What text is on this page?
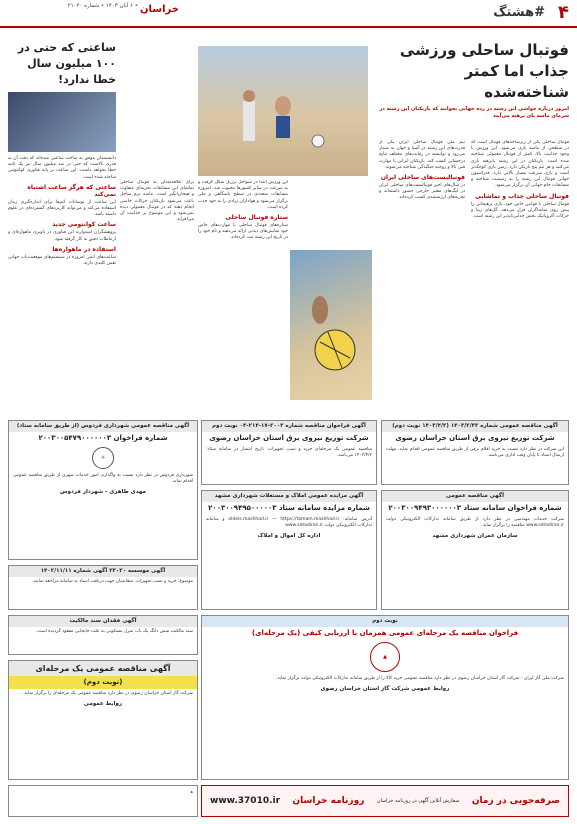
۴
#هشتگ
خراسان
• ۶ آبان ۱۴۰۳ • شماره ۲۱۰۲۰
فوتبال ساحلی ورزشی جذاب اما کمتر شناخته‌شده
امروز درباره حواشی این رشته در رده جهانی بخوانید که بازیکنان این رشته در سرمای ماسه پای برهنه می‌آیند
فوتبال ساحلی یکی از زیرشاخه‌های فوتبال است که در سطحی از ماسه بازی می‌شود. این ورزش با وجود جذابیت بالا، کمتر از فوتبال معمولی شناخته شده است. بازیکنان در این رشته پابرهنه بازی می‌کنند و هر تیم پنج بازیکن دارد. زمین بازی کوچک‌تر است و بازی سرعت بسیار بالایی دارد. فدراسیون جهانی فوتبال این رشته را به رسمیت شناخته و مسابقات جام جهانی آن برگزار می‌شود.
فوتبال ساحلی جذاب و تماشایی
فوتبال ساحلی با قوانین خاص خود، بازی پرهیجانی را پیش روی تماشاگران قرار می‌دهد. گل‌های زیبا و حرکات آکروباتیک بخش جدایی‌ناپذیر این رشته است.
تیم ملی فوتبال ساحلی ایران یکی از قدرت‌های این رشته در آسیا و جهان به شمار می‌رود و توانسته در رقابت‌های مختلف نتایج درخشانی کسب کند. بازیکنان ایرانی با مهارت فنی بالا و روحیه جنگندگی شناخته می‌شوند.
فوتبالیست‌های ساحلی ایران
در سال‌های اخیر فوتبالیست‌های ساحلی ایران در لیگ‌های معتبر خارجی حضور داشته‌اند و تجربه‌های ارزشمندی کسب کرده‌اند.
این ورزش ابتدا در سواحل برزیل شکل گرفت و به سرعت در سایر کشورها محبوب شد. امروزه مسابقات متعددی در سطح باشگاهی و ملی برگزار می‌شود و هواداران زیادی را به خود جذب کرده است.
ستاره فوتبال ساحلی
ستاره‌های فوتبال ساحلی با مهارت‌های خاص خود نمایش‌های دیدنی ارائه می‌دهند و نام خود را در تاریخ این رشته ثبت کرده‌اند.
برای علاقه‌مندان به فوتبال ساحلی تماشای این مسابقات تجربه‌ای متفاوت و هیجان‌انگیز است. ماسه نرم ساحل باعث می‌شود بازیکنان حرکات خاصی انجام دهند که در فوتبال معمولی دیده نمی‌شود و این موضوع بر جذابیت آن می‌افزاید.
ساعتی که حتی در ۱۰۰ میلیون سال خطا ندارد!
دانشمندان موفق به ساخت ساعتی شده‌اند که دقت آن به قدری بالاست که حتی در صد میلیون سال نیز یک ثانیه خطا نخواهد داشت. این ساعت بر پایه فناوری کوانتومی ساخته شده است.
ساعتی که هرگز ساعت اشتباه نمی‌کند
این ساعت از نوسانات اتم‌ها برای اندازه‌گیری زمان استفاده می‌کند و می‌تواند کاربردهای گسترده‌ای در علوم داشته باشد.
ساعت کوانتومی جدید
پژوهشگران امیدوارند این فناوری در ناوبری ماهواره‌ای و ارتباطات دقیق به کار گرفته شود.
استفاده در ماهواره‌ها
ساعت‌های اتمی امروزه در سیستم‌های موقعیت‌یاب جهانی نقش کلیدی دارند.
آگهی مناقصه عمومی شماره ۱۴۰۳/۲/۳۲ (۱۴۰۳/۴/۲ نوبت دوم)
شرکت توزیع نیروی برق استان خراسان رضوی
این شرکت در نظر دارد نسبت به خرید اقلام برقی از طریق مناقصه عمومی اقدام نماید. مهلت ارسال اسناد تا پایان وقت اداری می‌باشد.
آگهی فراخوان مناقصه شماره ۲۰۰۳-۱۷-۲۱۴-۰۳ نوبت دوم
شرکت توزیع نیروی برق استان خراسان رضوی
مناقصه عمومی یک مرحله‌ای خرید و نصب تجهیزات. تاریخ انتشار در سامانه ستاد: ۱۴۰۳/۴/۲ می‌باشد.
آگهی مناقصه عمومی شهرداری فردوس (از طریق سامانه ستاد)
شماره فراخوان ۲۰۰۳۰۰۵۴۷۹۰۰۰۰۰۰۳
☼
شهرداری فردوس در نظر دارد نسبت به واگذاری امور خدمات شهری از طریق مناقصه عمومی اقدام نماید.
مهدی طاهری - شهردار فردوس
آگهی مناقصه عمومی
شماره فراخوان سامانه ستاد ۲۰۰۳۰۰۹۴۹۳۰۰۰۰۰۰۳
شرکت خدمات مهندسی در نظر دارد از طریق سامانه تدارکات الکترونیکی دولت www.setadiran.ir مناقصه را برگزار نماید.
سازمان عمران شهرداری مشهد
آگهی مزایده عمومی املاک و مستغلات شهرداری مشهد
شماره مزایده سامانه ستاد ۲۰۰۳۰۰۹۴۹۵۰۰۰۰۰۳
آدرس سامانه: oldeis.mashhad.ir — https://tamam.mashhad.ir و سامانه تدارکات الکترونیکی دولت www.setadiran.ir
اداره کل اموال و املاک
آگهی موسسه ۲۳۰۲۰ آگهی شماره ۱۴۰۲/۱۱/۱۱
موضوع: خرید و نصب تجهیزات. متقاضیان جهت دریافت اسناد به سامانه مراجعه نمایند.
آگهی فقدان سند مالکیت
سند مالکیت شش دانگ یک باب منزل مسکونی به علت جابجایی مفقود گردیده است.
آگهی مناقصه عمومی یک مرحله‌ای
(نوبت دوم)
شرکت گاز استان خراسان رضوی در نظر دارد مناقصه عمومی یک مرحله‌ای را برگزار نماید.
روابط عمومی
نوبت دوم
فراخوان مناقصه یک مرحله‌ای عمومی همزمان با ارزیابی کیفی (یک مرحله‌ای)
▲
شرکت ملی گاز ایران - شرکت گاز استان خراسان رضوی در نظر دارد مناقصه عمومی خرید کالا را از طریق سامانه تدارکات الکترونیکی دولت برگزار نماید.
روابط عمومی شرکت گاز استان خراسان رضوی
صرفه‌جویی در زمان
سفارش آنلاین آگهی در روزنامه خراسان
روزنامه خراسان
www.37010.ir
ﻫ
